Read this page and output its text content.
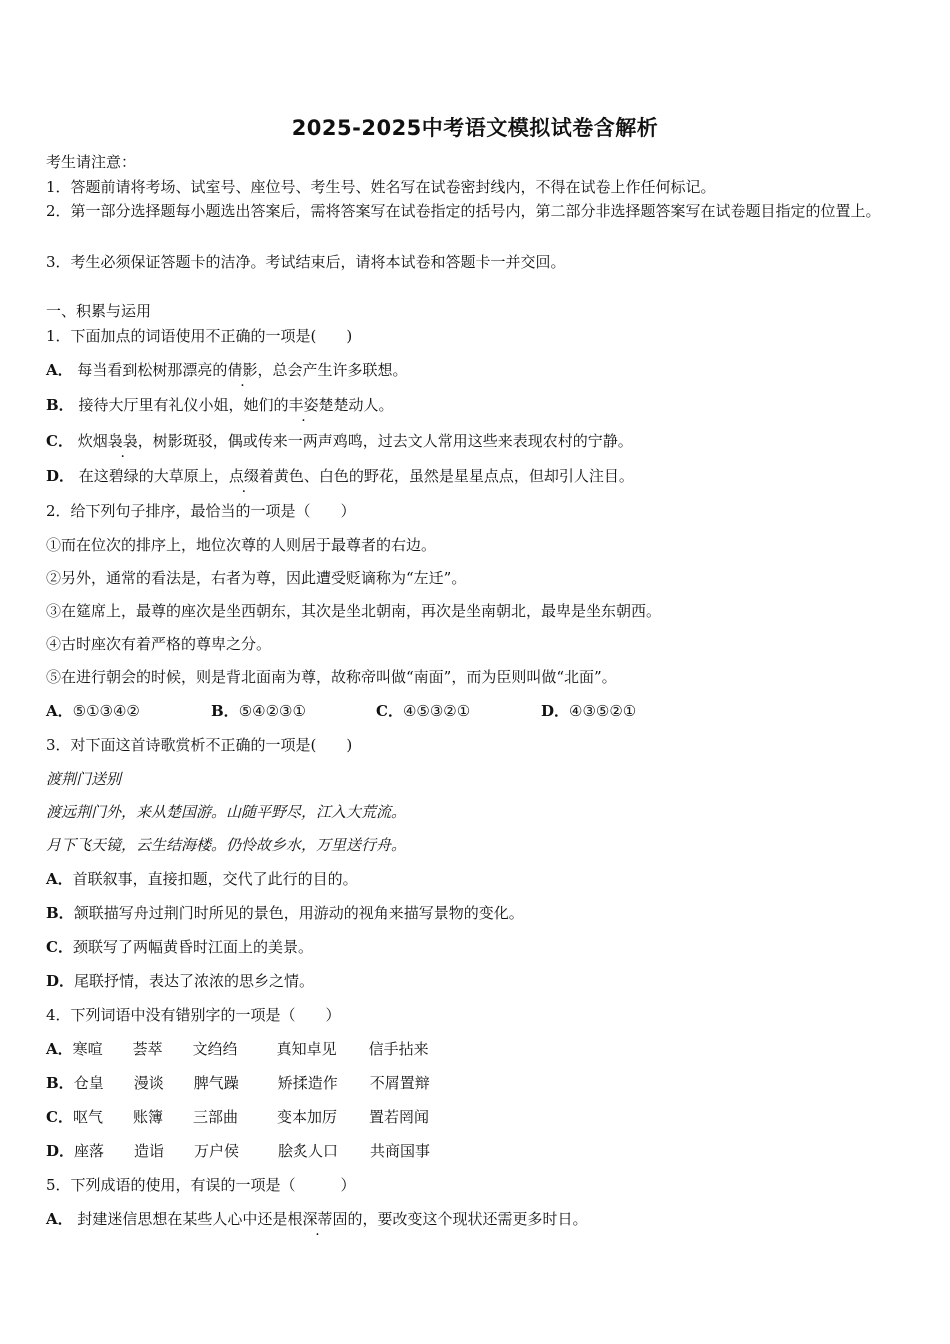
2025-2025中考语文模拟试卷含解析
考生请注意：
1．答题前请将考场、试室号、座位号、考生号、姓名写在试卷密封线内，不得在试卷上作任何标记。
2．第一部分选择题每小题选出答案后，需将答案写在试卷指定的括号内，第二部分非选择题答案写在试卷题目指定的位置上。
3．考生必须保证答题卡的洁净。考试结束后，请将本试卷和答题卡一并交回。
一、积累与运用
1．下面加点的词语使用不正确的一项是(　　)
A． 每当看到松树那漂亮的倩影，总会产生许多联想。
B． 接待大厅里有礼仪小姐，她们的丰姿楚楚动人。
C． 炊烟袅袅，树影斑驳，偶或传来一两声鸡鸣，过去文人常用这些来表现农村的宁静。
D． 在这碧绿的大草原上，点缀着黄色、白色的野花，虽然是星星点点，但却引人注目。
2．给下列句子排序，最恰当的一项是（　　）
①而在位次的排序上，地位次尊的人则居于最尊者的右边。
②另外，通常的看法是，右者为尊，因此遭受贬谪称为“左迁”。
③在筵席上，最尊的座次是坐西朝东，其次是坐北朝南，再次是坐南朝北，最卑是坐东朝西。
④古时座次有着严格的尊卑之分。
⑤在进行朝会的时候，则是背北面南为尊，故称帝叫做“南面”，而为臣则叫做“北面”。
A．⑤①③④②	B．⑤④②③①	C．④⑤③②①	D．④③⑤②①
3．对下面这首诗歌赏析不正确的一项是(　　)
渡荆门送别
渡远荆门外，来从楚国游。山随平野尽，江入大荒流。
月下飞天镜，云生结海楼。仍怜故乡水，万里送行舟。
A．首联叙事，直接扣题，交代了此行的目的。
B．颔联描写舟过荆门时所见的景色，用游动的视角来描写景物的变化。
C．颈联写了两幅黄昏时江面上的美景。
D．尾联抒情，表达了浓浓的思乡之情。
4．下列词语中没有错别字的一项是（　　）
A．寒喧 荟萃 文绉绉	真知卓见 信手拈来
B．仓皇 漫谈 脾气躁	矫揉造作 不屑置辩
C．呕气 账簿 三部曲	变本加厉 置若罔闻
D．座落 造诣 万户侯	脍炙人口 共商国事
5．下列成语的使用，有误的一项是（　　　）
A． 封建迷信思想在某些人心中还是根深蒂固的，要改变这个现状还需更多时日。
